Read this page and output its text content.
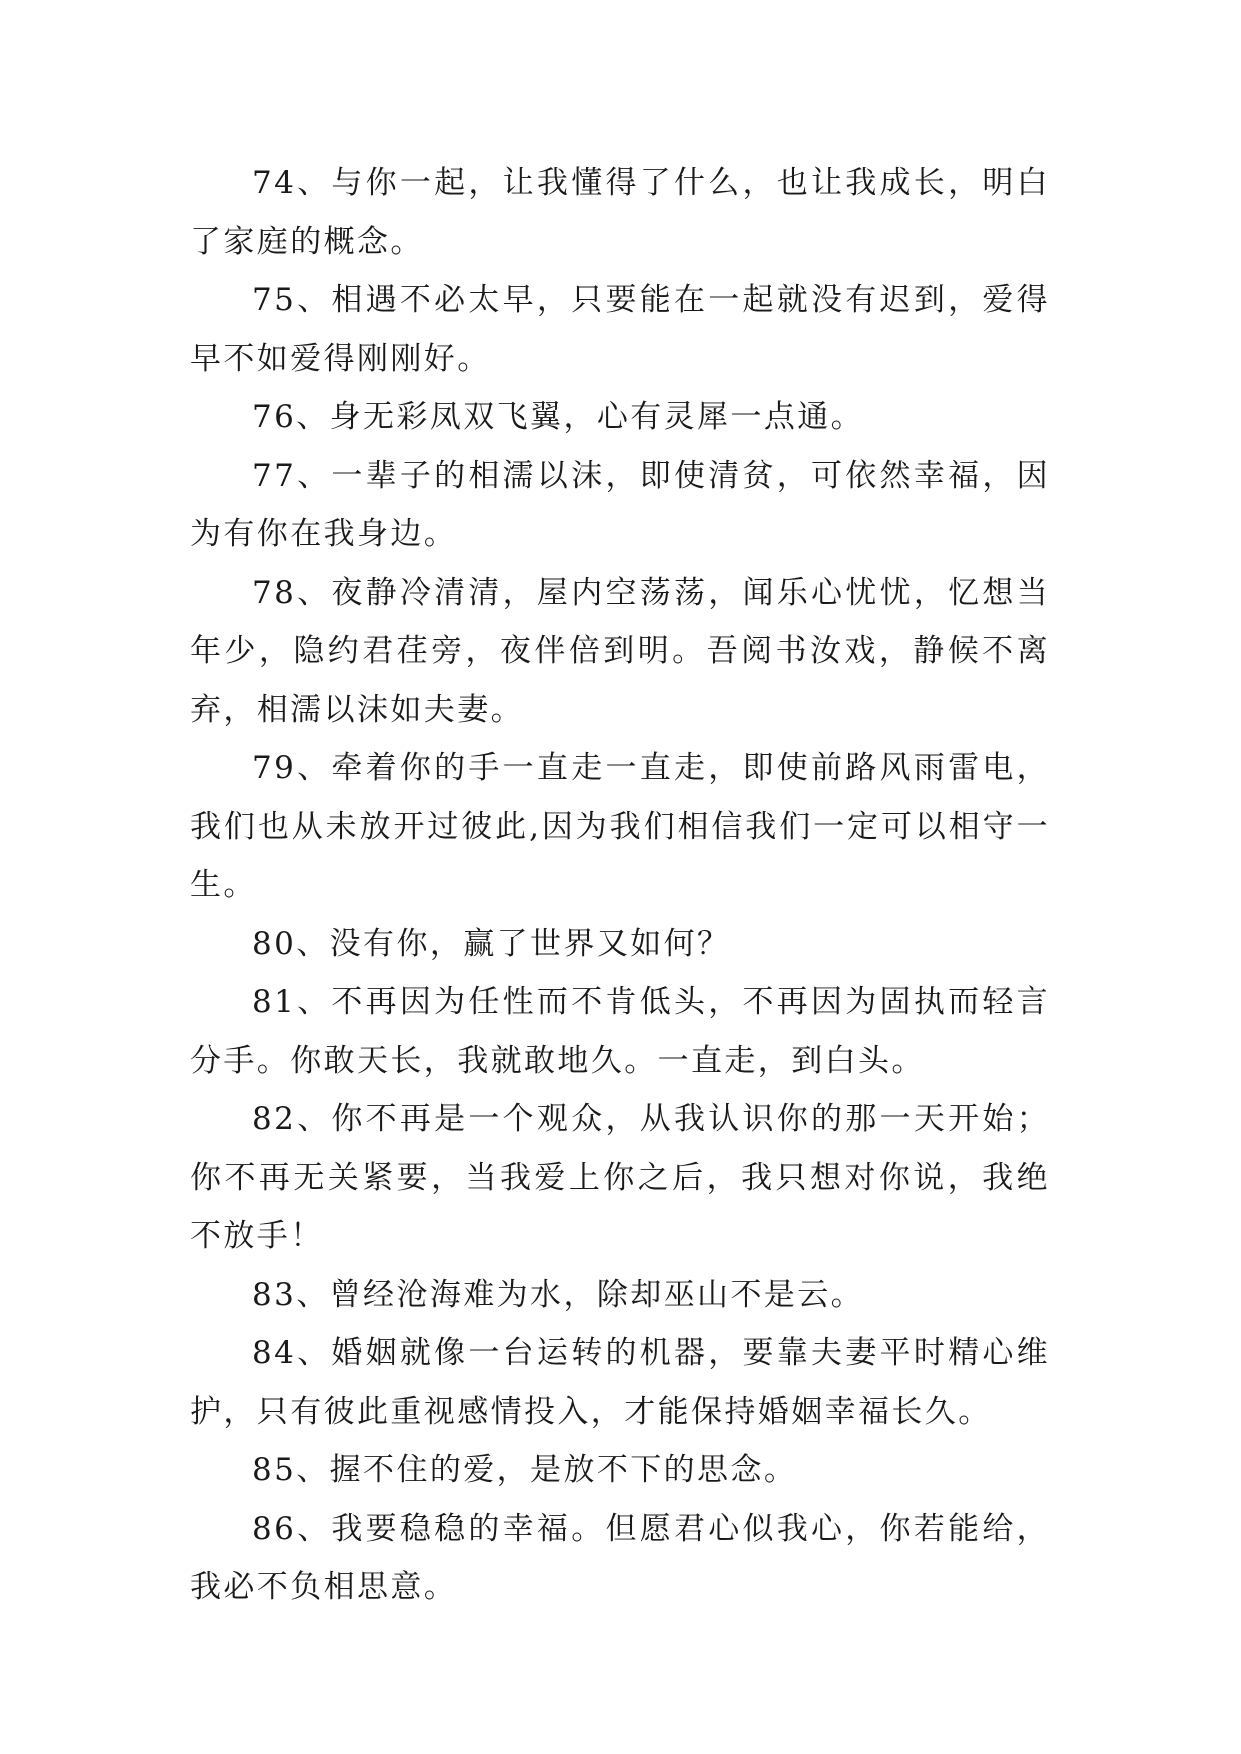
74、与你一起，让我懂得了什么，也让我成长，明白了家庭的概念。

75、相遇不必太早，只要能在一起就没有迟到，爱得早不如爱得刚刚好。

76、身无彩凤双飞翼，心有灵犀一点通。

77、一辈子的相濡以沫，即使清贫，可依然幸福，因为有你在我身边。

78、夜静冷清清，屋内空荡荡，闻乐心忧忧，忆想当年少，隐约君荏旁，夜伴倍到明。吾阅书汝戏，静候不离弃，相濡以沫如夫妻。

79、牵着你的手一直走一直走，即使前路风雨雷电，我们也从未放开过彼此,因为我们相信我们一定可以相守一生。

80、没有你，赢了世界又如何？

81、不再因为任性而不肯低头，不再因为固执而轻言分手。你敢天长，我就敢地久。一直走，到白头。

82、你不再是一个观众，从我认识你的那一天开始；你不再无关紧要，当我爱上你之后，我只想对你说，我绝不放手！

83、曾经沧海难为水，除却巫山不是云。

84、婚姻就像一台运转的机器，要靠夫妻平时精心维护，只有彼此重视感情投入，才能保持婚姻幸福长久。

85、握不住的爱，是放不下的思念。

86、我要稳稳的幸福。但愿君心似我心，你若能给，我必不负相思意。
